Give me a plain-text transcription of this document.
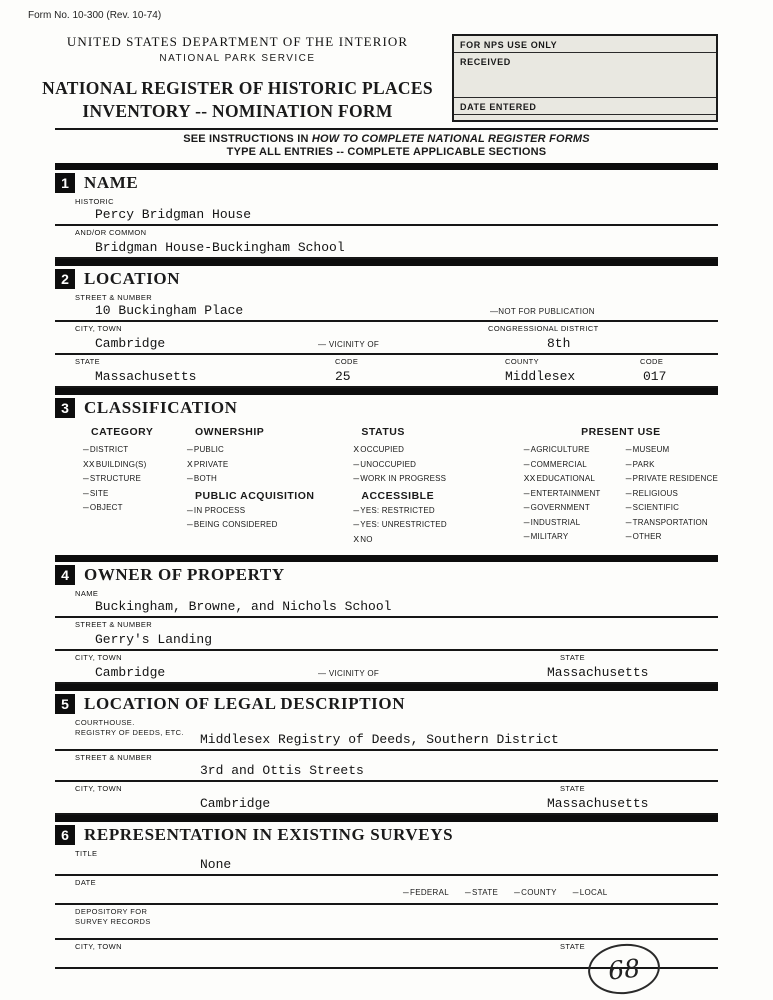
Form No. 10-300 (Rev. 10-74)
UNITED STATES DEPARTMENT OF THE INTERIOR
NATIONAL PARK SERVICE
NATIONAL REGISTER OF HISTORIC PLACES
INVENTORY -- NOMINATION FORM
FOR NPS USE ONLY
RECEIVED
DATE ENTERED
SEE INSTRUCTIONS IN HOW TO COMPLETE NATIONAL REGISTER FORMS
TYPE ALL ENTRIES -- COMPLETE APPLICABLE SECTIONS
1 NAME
HISTORIC
Percy Bridgman House
AND/OR COMMON
Bridgman House-Buckingham School
2 LOCATION
STREET & NUMBER
10 Buckingham Place	—NOT FOR PUBLICATION
CITY, TOWN
Cambridge	— VICINITY OF
CONGRESSIONAL DISTRICT
8th
STATE
Massachusetts
CODE
25
COUNTY
Middlesex
CODE
017
3 CLASSIFICATION
CATEGORY
—DISTRICT
XXBUILDING(S)
—STRUCTURE
—SITE
—OBJECT
OWNERSHIP
—PUBLIC
XPRIVATE
—BOTH
PUBLIC ACQUISITION
—IN PROCESS
—BEING CONSIDERED
STATUS
XOCCUPIED
—UNOCCUPIED
—WORK IN PROGRESS
ACCESSIBLE
—YES: RESTRICTED
—YES: UNRESTRICTED
XNO
PRESENT USE
—AGRICULTURE
—COMMERCIAL
XXEDUCATIONAL
—ENTERTAINMENT
—GOVERNMENT
—INDUSTRIAL
—MILITARY
—MUSEUM
—PARK
—PRIVATE RESIDENCE
—RELIGIOUS
—SCIENTIFIC
—TRANSPORTATION
—OTHER
4 OWNER OF PROPERTY
NAME
Buckingham, Browne, and Nichols School
STREET & NUMBER
Gerry's Landing
CITY, TOWN
Cambridge	— VICINITY OF
STATE
Massachusetts
5 LOCATION OF LEGAL DESCRIPTION
COURTHOUSE.
REGISTRY OF DEEDS, ETC. Middlesex Registry of Deeds, Southern District
STREET & NUMBER
3rd and Ottis Streets
CITY, TOWN
Cambridge
STATE
Massachusetts
6 REPRESENTATION IN EXISTING SURVEYS
TITLE
None
DATE
—FEDERAL —STATE —COUNTY —LOCAL
DEPOSITORY FOR
SURVEY RECORDS
CITY, TOWN	STATE
68
